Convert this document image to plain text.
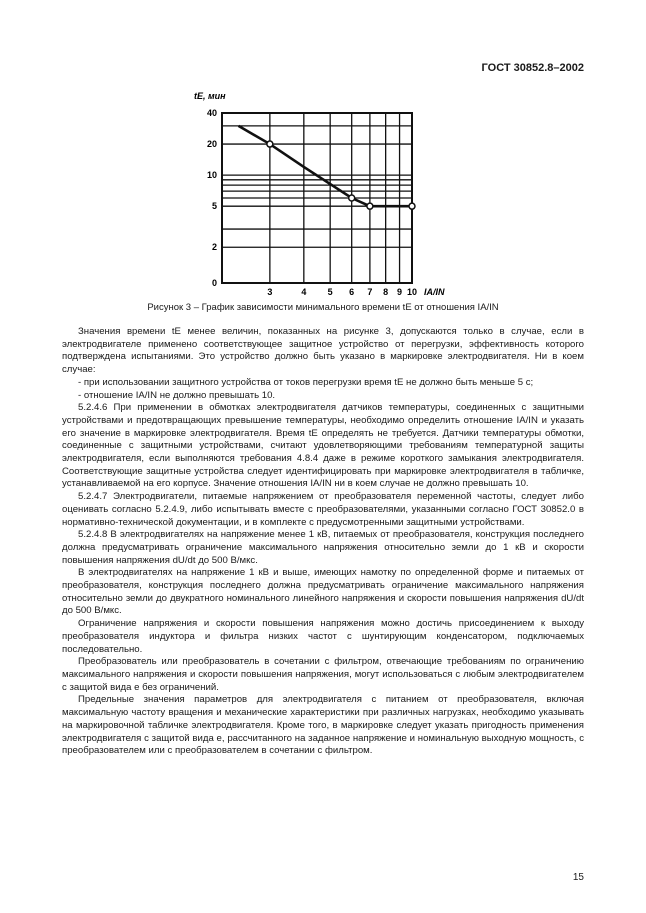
ГОСТ 30852.8–2002
3	4 5 6 7 8 9 10
2
5
10
20
40
0
tE, мин
IA/IN
Рисунок 3 – График зависимости минимального времени tE от отношения IA/IN

Значения времени tE менее величин, показанных на рисунке 3, допускаются только в случае, если в электродвигателе применено соответствующее защитное устройство от перегрузки, эффективность которого подтверждена испытаниями. Это устройство должно быть указано в маркировке электродвигателя. Ни в коем случае:

- при использовании защитного устройства от токов перегрузки время tE не должно быть меньше 5 с;

- отношение IA/IN не должно превышать 10.

5.2.4.6 При применении в обмотках электродвигателя датчиков температуры, соединенных с защитными устройствами и предотвращающих превышение температуры, необходимо определить отношение IA/IN и указать его значение в маркировке электродвигателя. Время tE определять не требуется. Датчики температуры обмотки, соединенные с защитными устройствами, считают удовлетворяющими требованиям температурной защиты электродвигателя, если выполняются требования 4.8.4 даже в режиме короткого замыкания электродвигателя. Соответствующие защитные устройства следует идентифицировать при маркировке электродвигателя в табличке, устанавливаемой на его корпусе. Значение отношения IA/IN ни в коем случае не должно превышать 10.

5.2.4.7 Электродвигатели, питаемые напряжением от преобразователя переменной частоты, следует либо оценивать согласно 5.2.4.9, либо испытывать вместе с преобразователями, указанными согласно ГОСТ 30852.0 в нормативно-технической документации, и в комплекте с предусмотренными защитными устройствами.

5.2.4.8 В электродвигателях на напряжение менее 1 кВ, питаемых от преобразователя, конструкция последнего должна предусматривать ограничение максимального напряжения относительно земли до 1 кВ и скорости повышения напряжения dU/dt до 500 В/мкс.

В электродвигателях на напряжение 1 кВ и выше, имеющих намотку по определенной форме и питаемых от преобразователя, конструкция последнего должна предусматривать ограничение максимального напряжения относительно земли до двукратного номинального линейного напряжения и скорости повышения напряжения dU/dt до 500 В/мкс.

Ограничение напряжения и скорости повышения напряжения можно достичь присоединением к выходу преобразователя индуктора и фильтра низких частот с шунтирующим конденсатором, подключаемых последовательно.

Преобразователь или преобразователь в сочетании с фильтром, отвечающие требованиям по ограничению максимального напряжения и скорости повышения напряжения, могут использоваться с любым электродвигателем с защитой вида e без ограничений.

Предельные значения параметров для электродвигателя с питанием от преобразователя, включая максимальную частоту вращения и механические характеристики при различных нагрузках, необходимо указывать на маркировочной табличке электродвигателя. Кроме того, в маркировке следует указать пригодность применения электродвигателя с защитой вида e, рассчитанного на заданное напряжение и номинальную выходную мощность, с преобразователем или с преобразователем в сочетании с фильтром.

15
